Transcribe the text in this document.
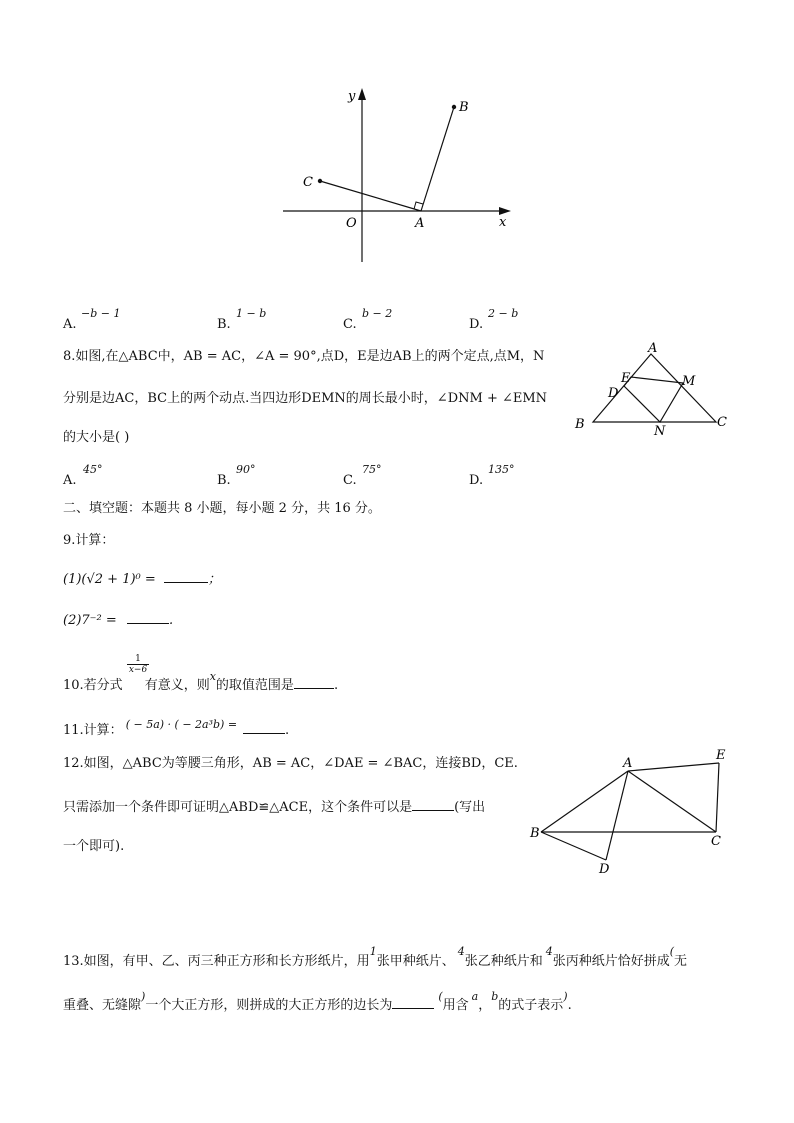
y
x
O	A
B
C
A.
−b − 1
B.
1 − b
C.
b − 2
D.
2 − b
8.如图,在△ABC中，AB = AC，∠A = 90°,点D，E是边AB上的两个定点,点M，N
分别是边AC，BC上的两个动点.当四边形DEMN的周长最小时，∠DNM + ∠EMN
的大小是( )
A
E	M
D
B	N
C
A.
45°
B.
90°
C.
75°
D.
135°
二、填空题：本题共 8 小题，每小题 2 分，共 16 分。
9.计算：
(1)(√2 + 1)⁰ =	；
(2)7⁻² =	.
$\frac{1}{x-6}$
10.若分式 有意义，则$^x$的取值范围是	.
11.计算： $^{( - 5a) \cdot ( - 2a^3b) =}$	.
12.如图，△ABC为等腰三角形，AB = AC，∠DAE = ∠BAC，连接BD，CE.
只需添加一个条件即可证明△ABD≌△ACE，这个条件可以是	(写出
一个即可).
A
E
B
C
D
13.如图，有甲、乙、丙三种正方形和长方形纸片，用$^1$张甲种纸片、$^4$张乙种纸片和$^4$张丙种纸片恰好拼成(无
重叠、无缝隙)一个大正方形，则拼成的大正方形的边长为(用含$^a$，$^b$的式子表示).
